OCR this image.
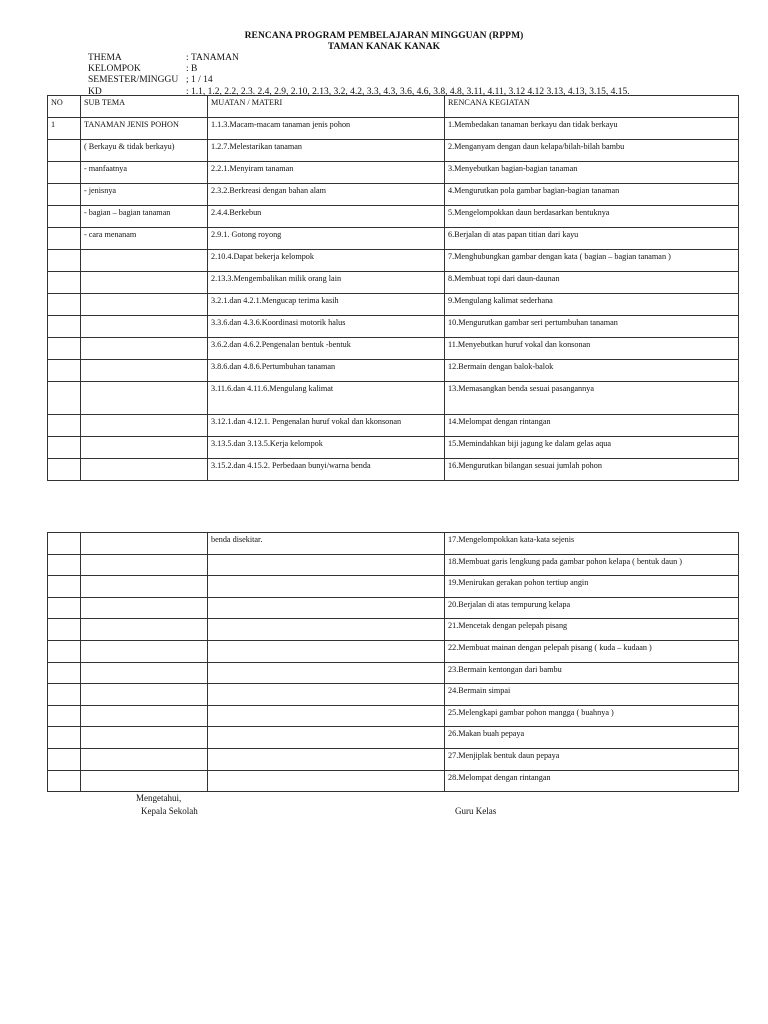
RENCANA PROGRAM PEMBELAJARAN MINGGUAN (RPPM)
TAMAN KANAK KANAK
THEMA	: TANAMAN
KELOMPOK	: B
SEMESTER/MINGGU ; 1 / 14
KD	: 1.1, 1.2, 2.2, 2.3. 2.4, 2.9, 2.10, 2.13, 3.2, 4.2, 3.3, 4.3, 3.6, 4.6, 3.8, 4.8, 3.11, 4.11, 3.12 4.12 3.13, 4.13, 3.15, 4.15.
NO	SUB TEMA	MUATAN / MATERI	RENCANA KEGIATAN
1	TANAMAN JENIS POHON	1.1.3.Macam-macam tanaman jenis pohon	1.Membedakan tanaman berkayu dan tidak berkayu
	( Berkayu & tidak berkayu)	1.2.7.Melestarikan tanaman	2.Menganyam dengan daun kelapa/bilah-bilah bambu
	- manfaatnya	2.2.1.Menyiram tanaman	3.Menyebutkan bagian-bagian tanaman
	- jenisnya	2.3.2.Berkreasi dengan bahan alam	4.Mengurutkan pola gambar bagian-bagian tanaman
	- bagian – bagian tanaman	2.4.4.Berkebun	5.Mengelompokkan daun berdasarkan bentuknya
	- cara menanam	2.9.1. Gotong royong	6.Berjalan di atas papan titian dari kayu
		2.10.4.Dapat bekerja kelompok	7.Menghubungkan gambar dengan kata ( bagian – bagian tanaman )
		2.13.3.Mengembalikan milik orang lain	8.Membuat topi dari daun-daunan
		3.2.1.dan 4.2.1.Mengucap terima kasih	9.Mengulang kalimat sederhana
		3.3.6.dan 4.3.6.Koordinasi motorik halus	10.Mengurutkan gambar seri pertumbuhan tanaman
		3.6.2.dan 4.6.2.Pengenalan bentuk -bentuk	11.Menyebutkan huruf vokal dan konsonan
		3.8.6.dan 4.8.6.Pertumbuhan tanaman	12.Bermain dengan balok-balok
		3.11.6.dan 4.11.6.Mengulang kalimat	13.Memasangkan benda sesuai pasangannya
		3.12.1.dan 4.12.1. Pengenalan huruf vokal dan kkonsonan	14.Melompat dengan rintangan
		3.13.5.dan 3.13.5.Kerja kelompok	15.Memindahkan biji jagung ke dalam gelas aqua
		3.15.2.dan 4.15.2. Perbedaan bunyi/warna benda	16.Mengurutkan bilangan sesuai jumlah pohon
		benda disekitar.	17.Mengelompokkan kata-kata sejenis
			18.Membuat garis lengkung pada gambar pohon kelapa ( bentuk daun )
			19.Menirukan gerakan pohon tertiup angin
			20.Berjalan di atas tempurung kelapa
			21.Mencetak dengan pelepah pisang
			22.Membuat mainan dengan pelepah pisang ( kuda – kudaan )
			23.Bermain kentongan dari bambu
			24.Bermain simpai
			25.Melengkapi gambar pohon mangga ( buahnya )
			26.Makan buah pepaya
			27.Menjiplak bentuk daun pepaya
			28.Melompat dengan rintangan
Mengetahui,
Kepala Sekolah	Guru Kelas
